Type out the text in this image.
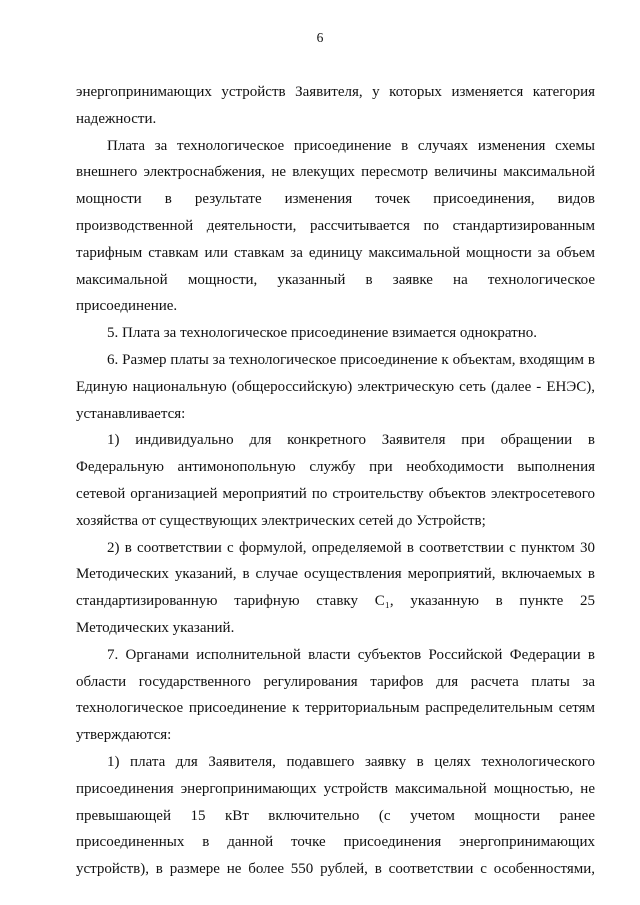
6

энергопринимающих устройств Заявителя, у которых изменяется категория надежности.

Плата за технологическое присоединение в случаях изменения схемы внешнего электроснабжения, не влекущих пересмотр величины максимальной мощности в результате изменения точек присоединения, видов производственной деятельности, рассчитывается по стандартизированным тарифным ставкам или ставкам за единицу максимальной мощности за объем максимальной мощности, указанный в заявке на технологическое присоединение.

5. Плата за технологическое присоединение взимается однократно.

6. Размер платы за технологическое присоединение к объектам, входящим в Единую национальную (общероссийскую) электрическую сеть (далее - ЕНЭС), устанавливается:

1) индивидуально для конкретного Заявителя при обращении в Федеральную антимонопольную службу при необходимости выполнения сетевой организацией мероприятий по строительству объектов электросетевого хозяйства от существующих электрических сетей до Устройств;

2) в соответствии с формулой, определяемой в соответствии с пунктом 30 Методических указаний, в случае осуществления мероприятий, включаемых в стандартизированную тарифную ставку C₁, указанную в пункте 25 Методических указаний.

7. Органами исполнительной власти субъектов Российской Федерации в области государственного регулирования тарифов для расчета платы за технологическое присоединение к территориальным распределительным сетям утверждаются:

1) плата для Заявителя, подавшего заявку в целях технологического присоединения энергопринимающих устройств максимальной мощностью, не превышающей 15 кВт включительно (с учетом мощности ранее присоединенных в данной точке присоединения энергопринимающих устройств), в размере не более 550 рублей, в соответствии с особенностями,
